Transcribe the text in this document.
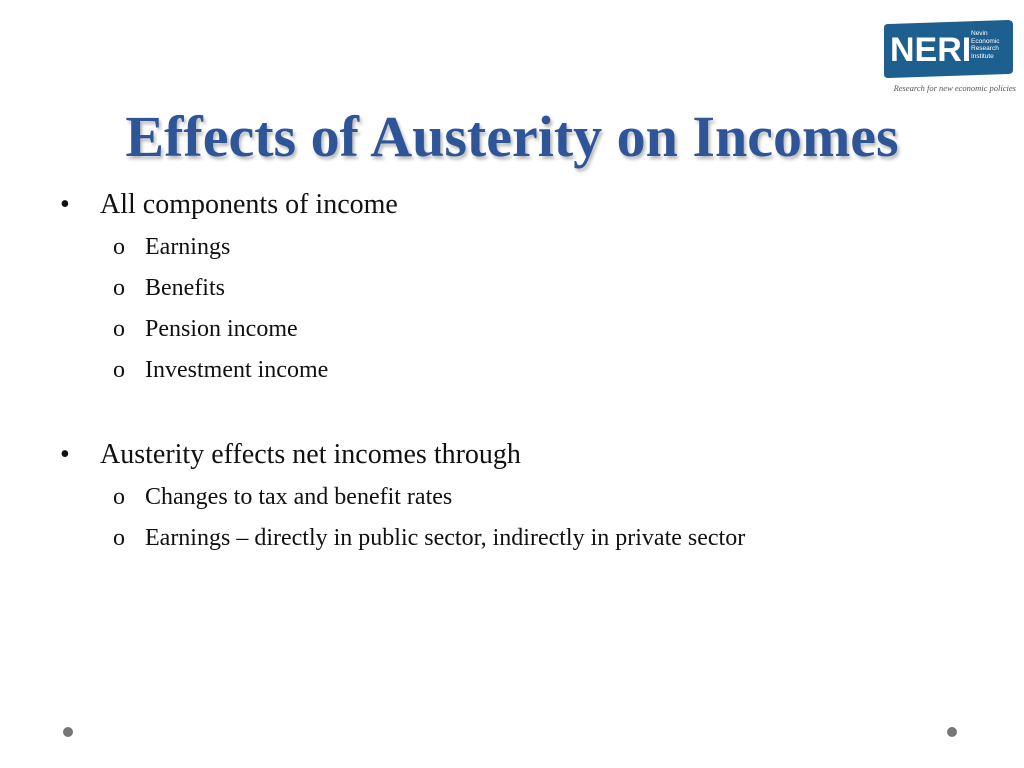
NERI Nevin
Economic
Research
Institute
Research for new economic policies
Effects of Austerity on Incomes
• All components of income
o Earnings
o Benefits
o Pension income
o Investment income
• Austerity effects net incomes through
o Changes to tax and benefit rates
o Earnings – directly in public sector, indirectly in private sector
